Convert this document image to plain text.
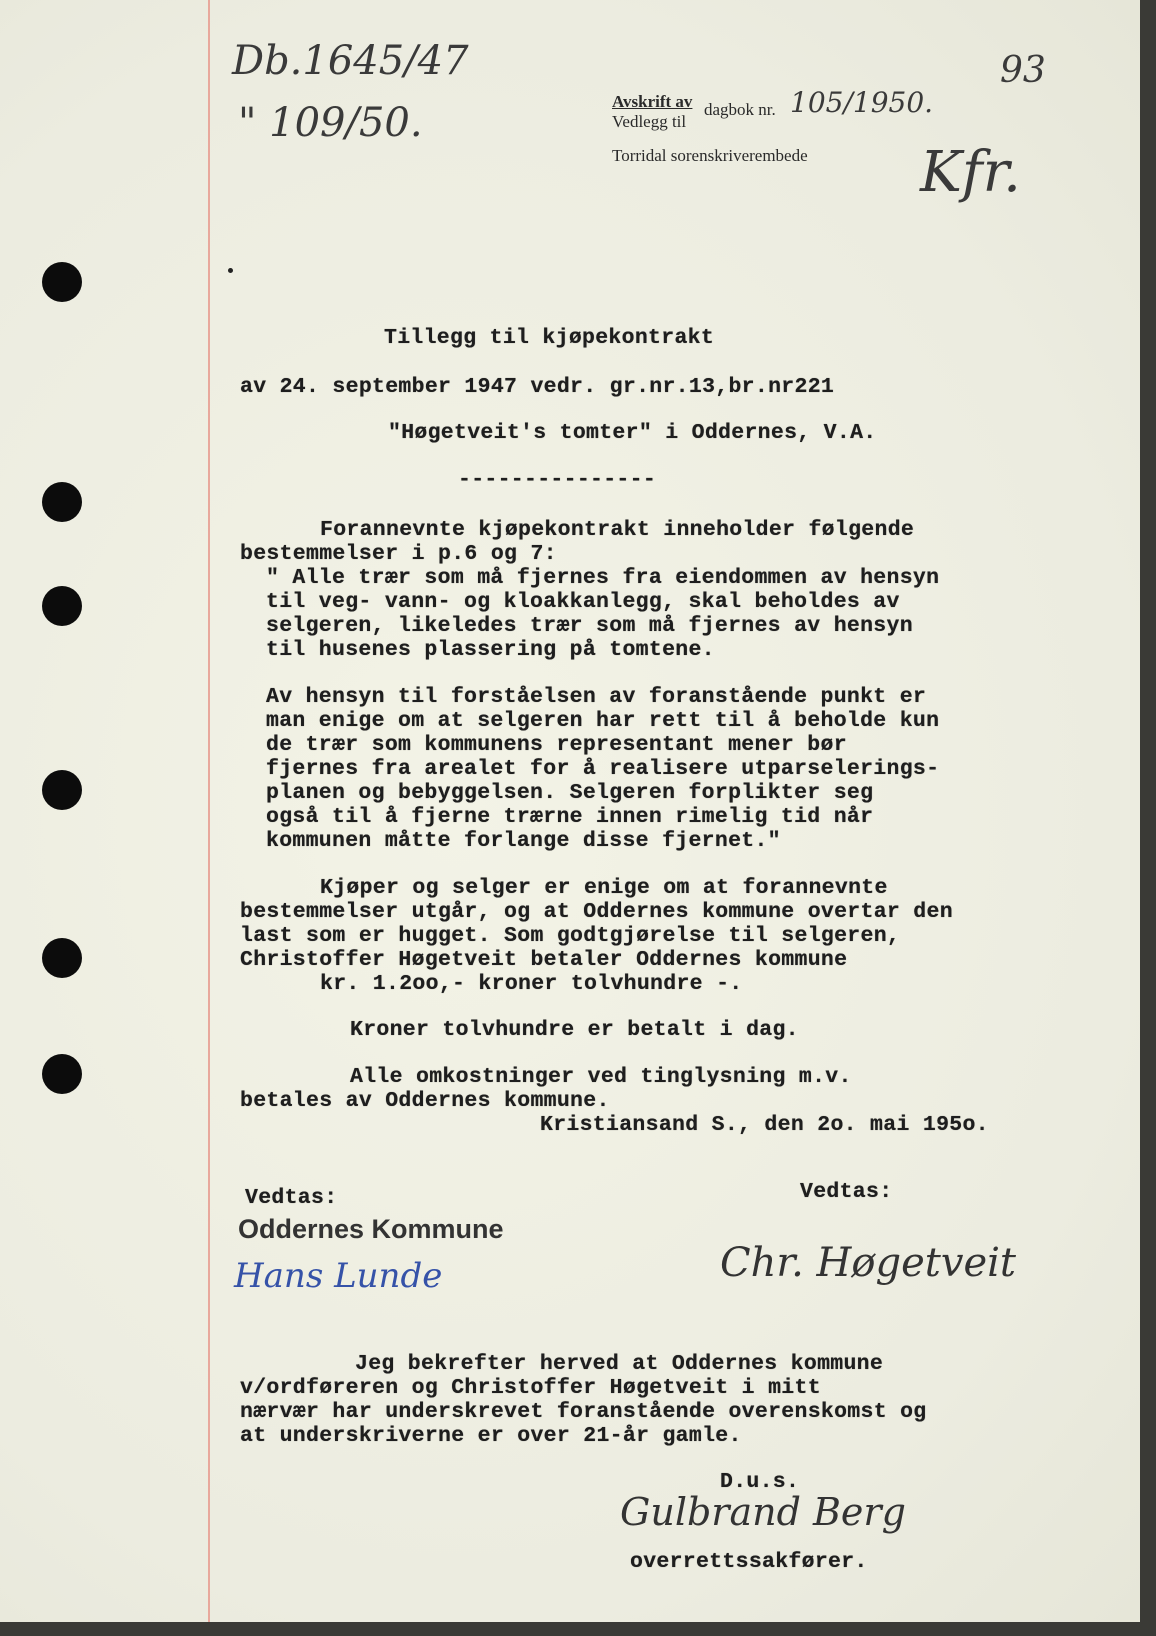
Db.1645/47
" 109/50.
93
Kfr.
Avskrift av
Vedlegg til
dagbok nr. 105/1950.
Torridal sorenskriverembede
Tillegg til kjøpekontrakt
av 24. september 1947 vedr. gr.nr.13,br.nr221
"Høgetveit's tomter" i Oddernes, V.A.
---------------
Forannevnte kjøpekontrakt inneholder følgende
bestemmelser i p.6 og 7:
" Alle trær som må fjernes fra eiendommen av hensyn
til veg- vann- og kloakkanlegg, skal beholdes av
selgeren, likeledes trær som må fjernes av hensyn
til husenes plassering på tomtene.
Av hensyn til forståelsen av foranstående punkt er
man enige om at selgeren har rett til å beholde kun
de trær som kommunens representant mener bør
fjernes fra arealet for å realisere utparselerings-
planen og bebyggelsen. Selgeren forplikter seg
også til å fjerne trærne innen rimelig tid når
kommunen måtte forlange disse fjernet."
Kjøper og selger er enige om at forannevnte
bestemmelser utgår, og at Oddernes kommune overtar den
last som er hugget. Som godtgjørelse til selgeren,
Christoffer Høgetveit betaler Oddernes kommune
kr. 1.2oo,- kroner tolvhundre -.
Kroner tolvhundre er betalt i dag.
Alle omkostninger ved tinglysning m.v.
betales av Oddernes kommune.
Kristiansand S., den 2o. mai 195o.
Vedtas:	Vedtas:
Oddernes Kommune
Hans Lunde	Chr. Høgetveit
Jeg bekrefter herved at Oddernes kommune
v/ordføreren og Christoffer Høgetveit i mitt
nærvær har underskrevet foranstående overenskomst og
at underskriverne er over 21-år gamle.
D.u.s.
Gulbrand Berg
overrettssakfører.
